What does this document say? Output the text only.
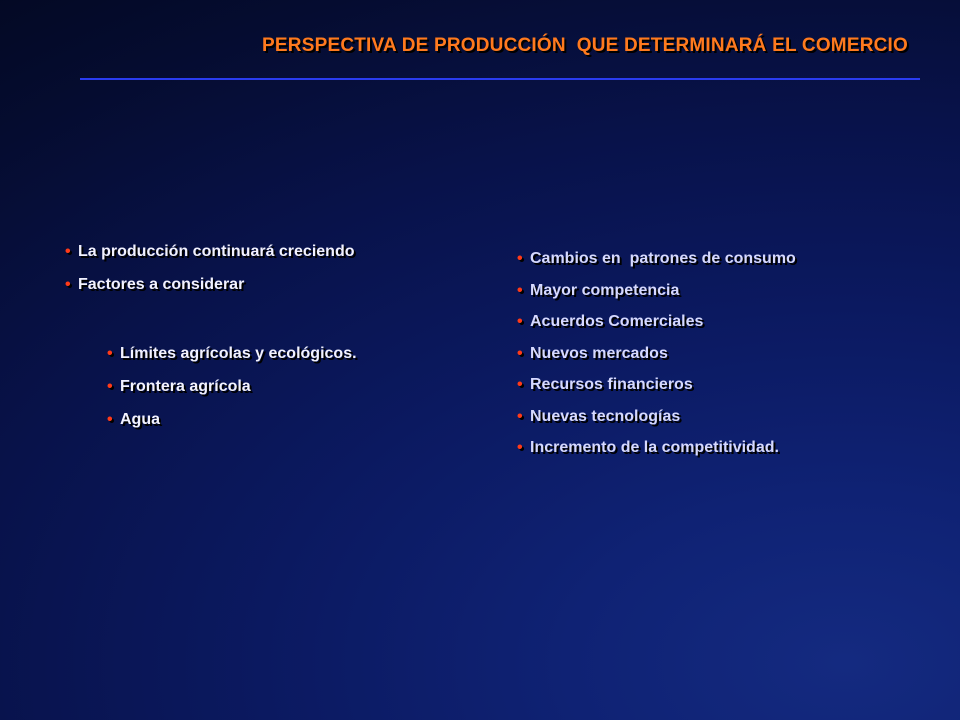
PERSPECTIVA DE PRODUCCIÓN  QUE DETERMINARÁ EL COMERCIO
• La producción continuará creciendo
• Factores a considerar
• Límites agrícolas y ecológicos.
• Frontera agrícola
• Agua
• Cambios en  patrones de consumo
• Mayor competencia
• Acuerdos Comerciales
• Nuevos mercados
• Recursos financieros
• Nuevas tecnologías
• Incremento de la competitividad.
